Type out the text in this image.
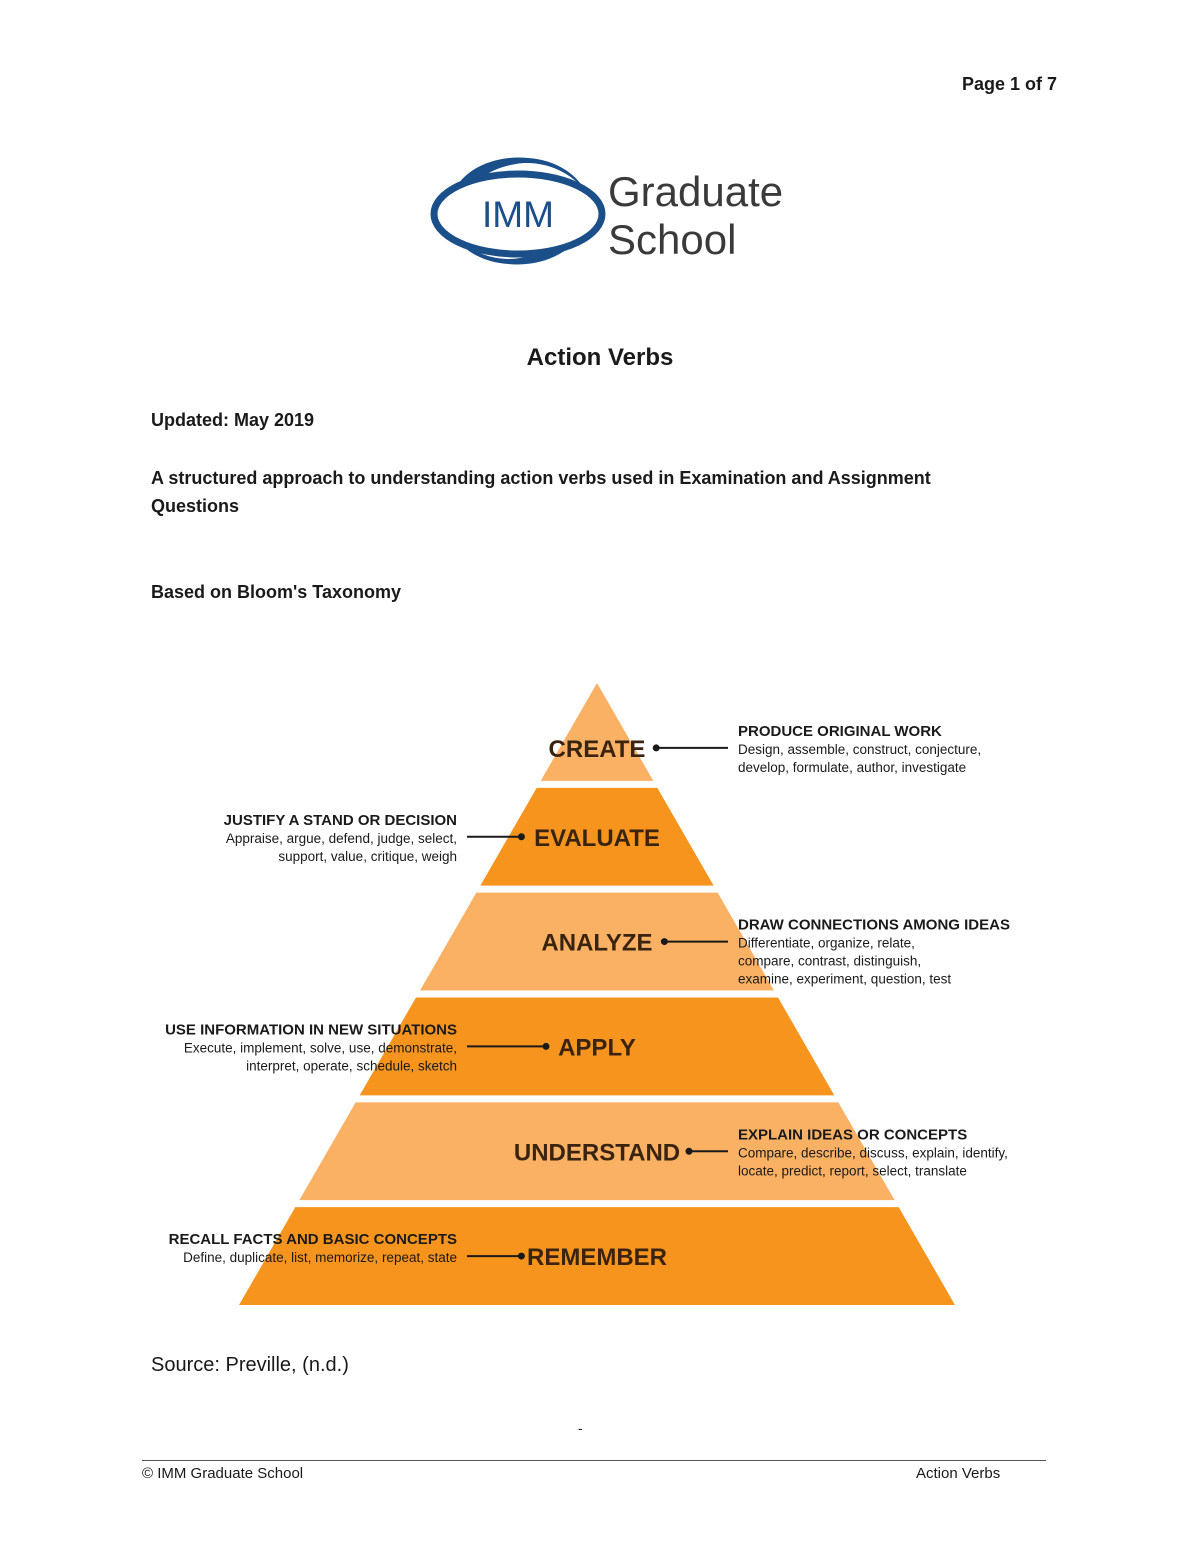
Page 1 of 7
IMM Graduate
School
Action Verbs
Updated: May 2019
A structured approach to understanding action verbs used in Examination and Assignment Questions
Based on Bloom's Taxonomy
CREATE
PRODUCE ORIGINAL WORK
Design, assemble, construct, conjecture,
develop, formulate, author, investigate
EVALUATE
JUSTIFY A STAND OR DECISION
Appraise, argue, defend, judge, select,
support, value, critique, weigh
ANALYZE
DRAW CONNECTIONS AMONG IDEAS
Differentiate, organize, relate,
compare, contrast, distinguish,
examine, experiment, question, test
APPLY
USE INFORMATION IN NEW SITUATIONS
Execute, implement, solve, use, demonstrate,
interpret, operate, schedule, sketch
UNDERSTAND
EXPLAIN IDEAS OR CONCEPTS
Compare, describe, discuss, explain, identify,
locate, predict, report, select, translate
REMEMBER
RECALL FACTS AND BASIC CONCEPTS
Define, duplicate, list, memorize, repeat, state
Source: Preville, (n.d.)
-
© IMM Graduate School	Action Verbs
